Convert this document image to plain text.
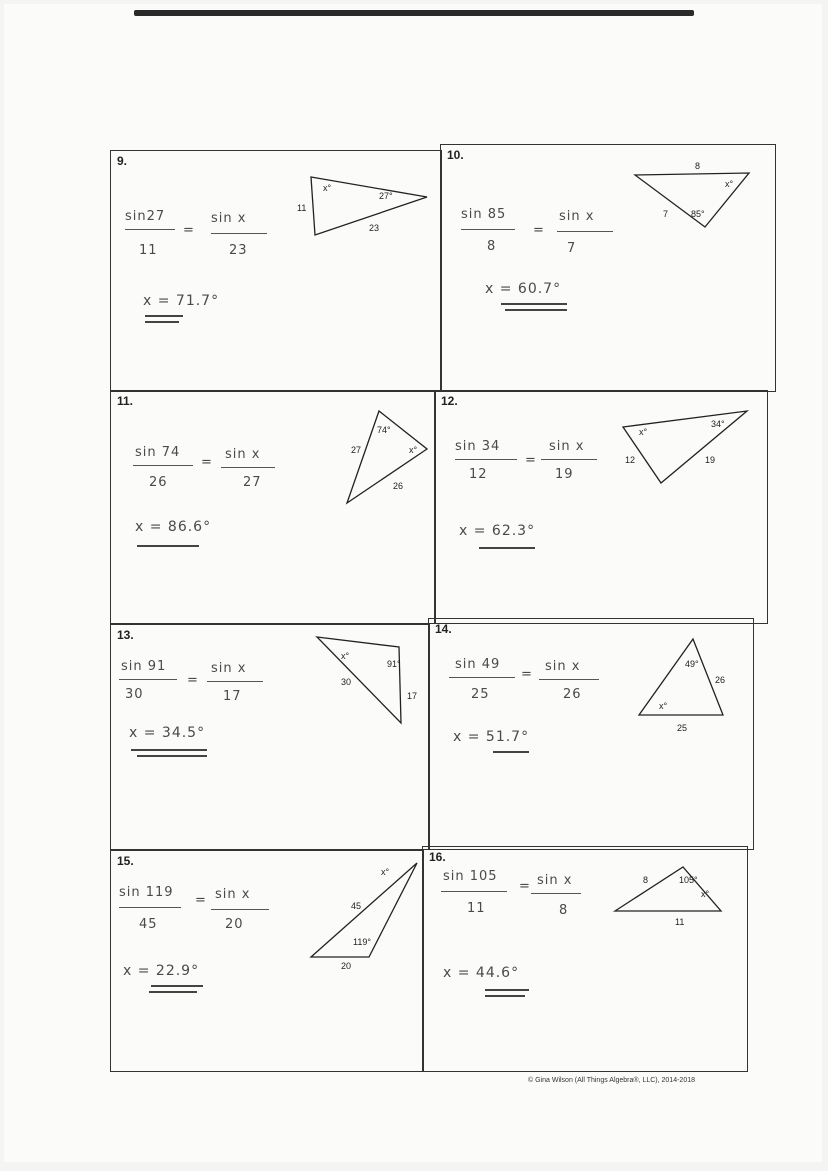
9.
sin27
11
=
sin x
23
x = 71.7°
x°
27°
11
23
10.
sin 85
8
=
sin x
7
x = 60.7°
8
x°
7	85°
11.
sin 74
26
=
sin x
27
x = 86.6°
74°
27	x°
26
12.
sin 34
12
=
sin x
19
x = 62.3°
x°
34°
12	19
13.
sin 91
30
=
sin x
17
x = 34.5°
x°
91°
30
17
14.
sin 49
25
=
sin x
26
x = 51.7°
49°
26
x°
25
15.
sin 119
45
= sin x
20
x = 22.9°
x°
45
119°
20
16.
sin 105
11
= sin x
8
x = 44.6°
8	105°
x°
11
© Gina Wilson (All Things Algebra®, LLC), 2014-2018
